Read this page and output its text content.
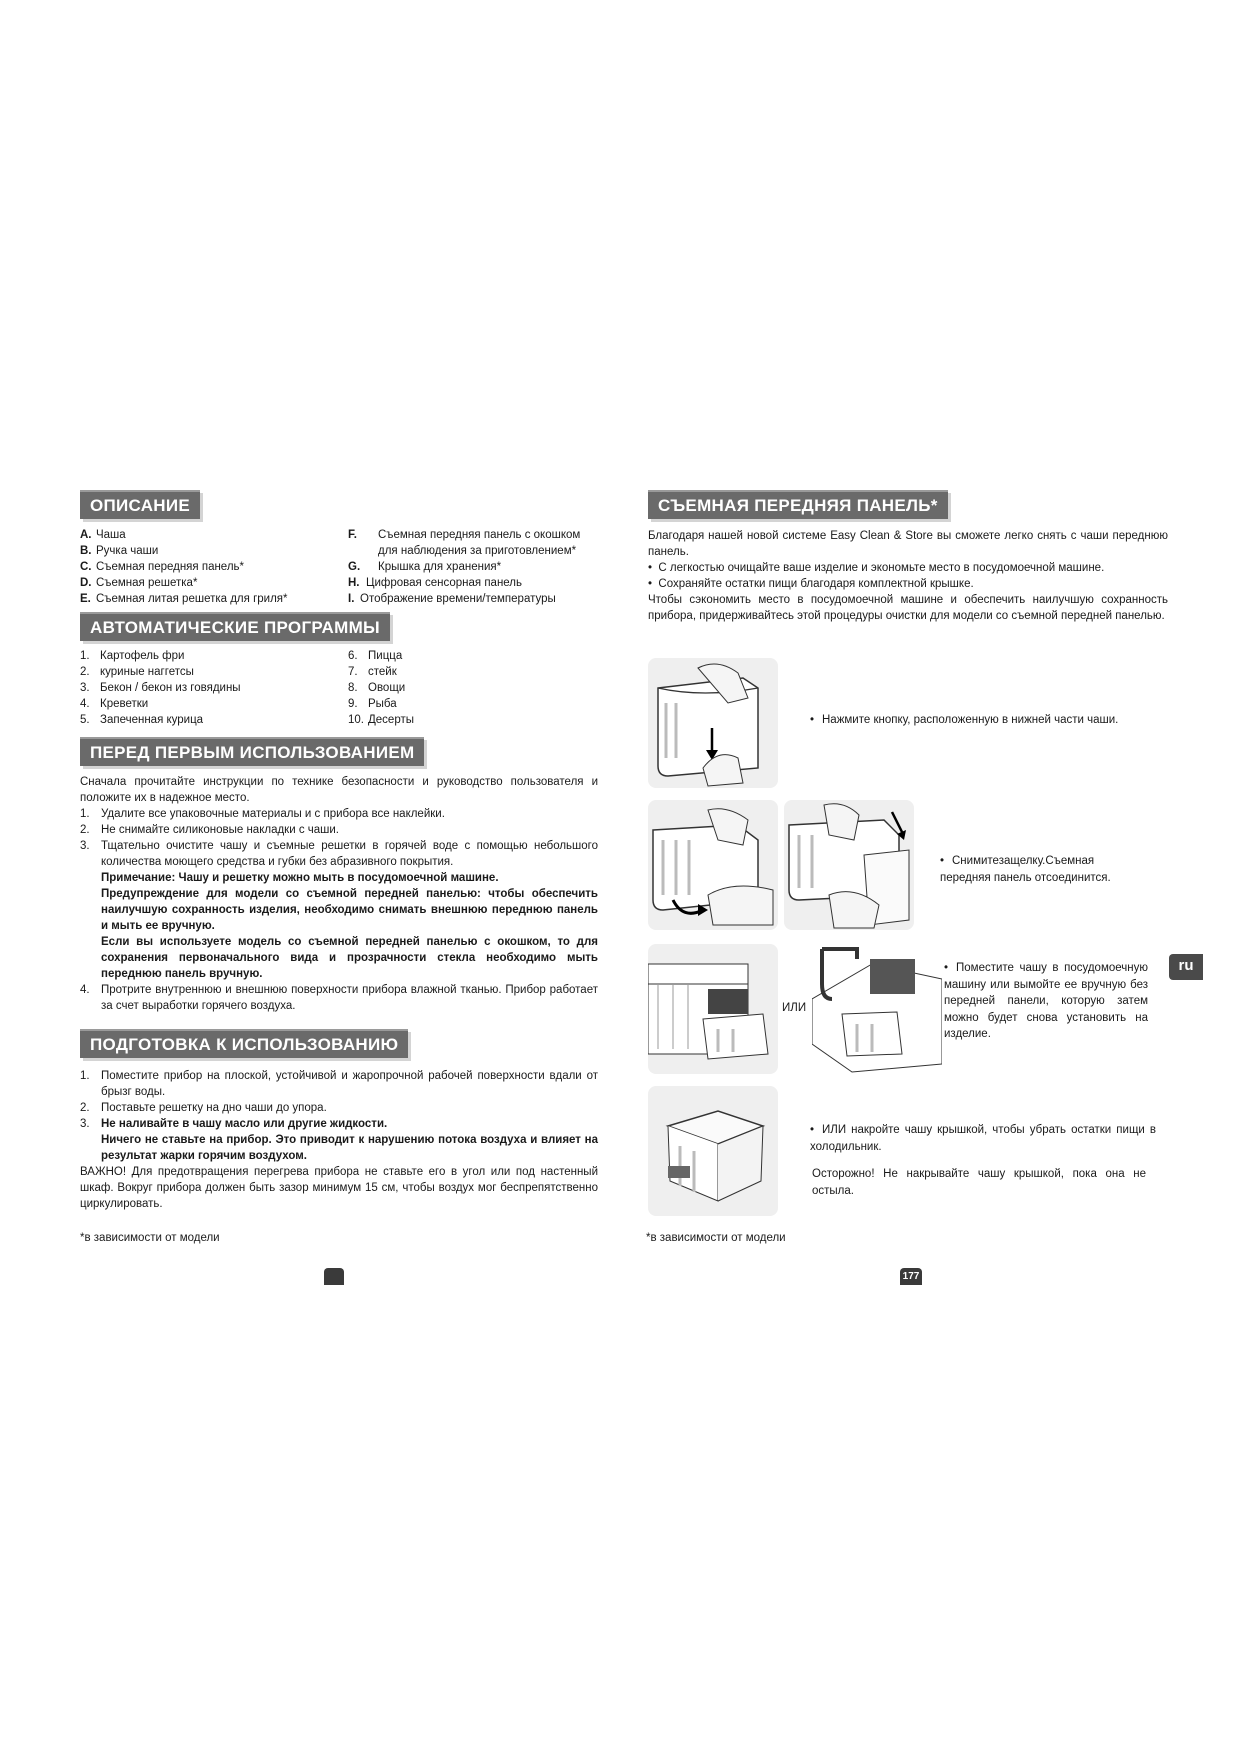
ОПИСАНИЕ
A. Чаша	F.	Съемная передняя панель с окошком для наблюдения за приготовлением*
B. Ручка чаши
C. Съемная передняя панель*	G.	Крышка для хранения*
D. Съемная решетка*	H. Цифровая сенсорная панель
E. Съемная литая решетка для гриля*	I. Отображение времени/температуры
АВТОМАТИЧЕСКИЕ ПРОГРАММЫ
1. Картофель фри	6. Пицца
2. куриные наггетсы	7. стейк
3. Бекон / бекон из говядины	8. Овощи
4. Креветки	9. Рыба
5. Запеченная курица	10. Десерты
ПЕРЕД ПЕРВЫМ ИСПОЛЬЗОВАНИЕМ

Сначала прочитайте инструкции по технике безопасности и руководство пользователя и положите их в надежное место.

1. Удалите все упаковочные материалы и с прибора все наклейки.
2. Не снимайте силиконовые накладки с чаши.
3. Тщательно очистите чашу и съемные решетки в горячей воде с помощью небольшого количества моющего средства и губки без абразивного покрытия.

Примечание: Чашу и решетку можно мыть в посудомоечной машине.

Предупреждение для модели со съемной передней панелью: чтобы обеспечить наилучшую сохранность изделия, необходимо снимать внешнюю переднюю панель и мыть ее вручную.

Если вы используете модель со съемной передней панелью с окошком, то для сохранения первоначального вида и прозрачности стекла необходимо мыть переднюю панель вручную.

4. Протрите внутреннюю и внешнюю поверхности прибора влажной тканью. Прибор работает за счет выработки горячего воздуха.
ПОДГОТОВКА К ИСПОЛЬЗОВАНИЮ
1. Поместите прибор на плоской, устойчивой и жаропрочной рабочей поверхности вдали от брызг воды.
2. Поставьте решетку на дно чаши до упора.
3. Не наливайте в чашу масло или другие жидкости.

Ничего не ставьте на прибор. Это приводит к нарушению потока воздуха и влияет на результат жарки горячим воздухом.

ВАЖНО! Для предотвращения перегрева прибора не ставьте его в угол или под настенный шкаф. Вокруг прибора должен быть зазор минимум 15 см, чтобы воздух мог беспрепятственно циркулировать.

*в зависимости от модели
СЪЕМНАЯ ПЕРЕДНЯЯ ПАНЕЛЬ*

Благодаря нашей новой системе Easy Clean & Store вы сможете легко снять с чаши переднюю панель.

•  С легкостью очищайте ваше изделие и экономьте место в посудомоечной машине.

•  Сохраняйте остатки пищи благодаря комплектной крышке.

Чтобы сэкономить место в посудомоечной машине и обеспечить наилучшую сохранность прибора, придерживайтесь этой процедуры очистки для модели со съемной передней панелью.

• Нажмите кнопку, расположенную в нижней части чаши.
• Снимитезащелку.Съемная передняя панель отсоединится.
ИЛИ
• Поместите чашу в посудомоечную машину или вымойте ее вручную без передней панели, которую затем можно будет снова установить на изделие.
• ИЛИ накройте чашу крышкой, чтобы убрать остатки пищи в холодильник.
Осторожно! Не накрывайте чашу крышкой, пока она не остыла.
*в зависимости от модели
177
ru
